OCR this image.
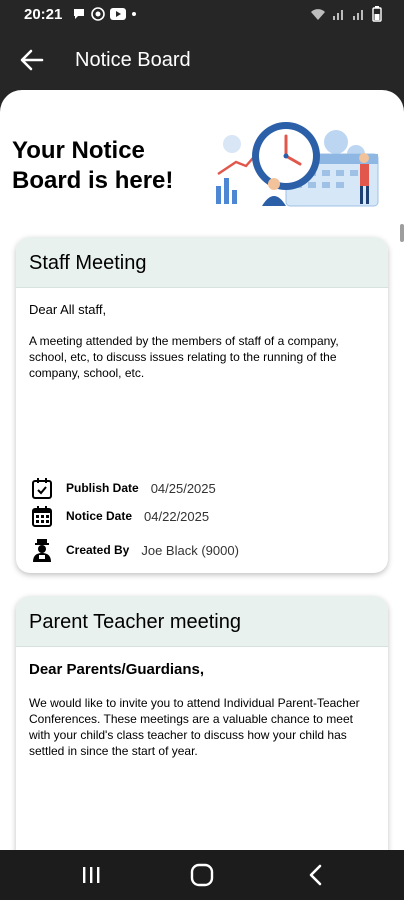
20:21
Notice Board
Your Notice
Board is here!
Staff Meeting
Dear All staff,
A meeting attended by the members of staff of a company, school, etc, to discuss issues relating to the running of the company, school, etc.
Publish Date 04/25/2025
Notice Date 04/22/2025
Created By Joe Black (9000)
Parent Teacher meeting
Dear Parents/Guardians,
We would like to invite you to attend Individual Parent-Teacher Conferences. These meetings are a valuable chance to meet with your child's class teacher to discuss how your child has settled in since the start of year.
